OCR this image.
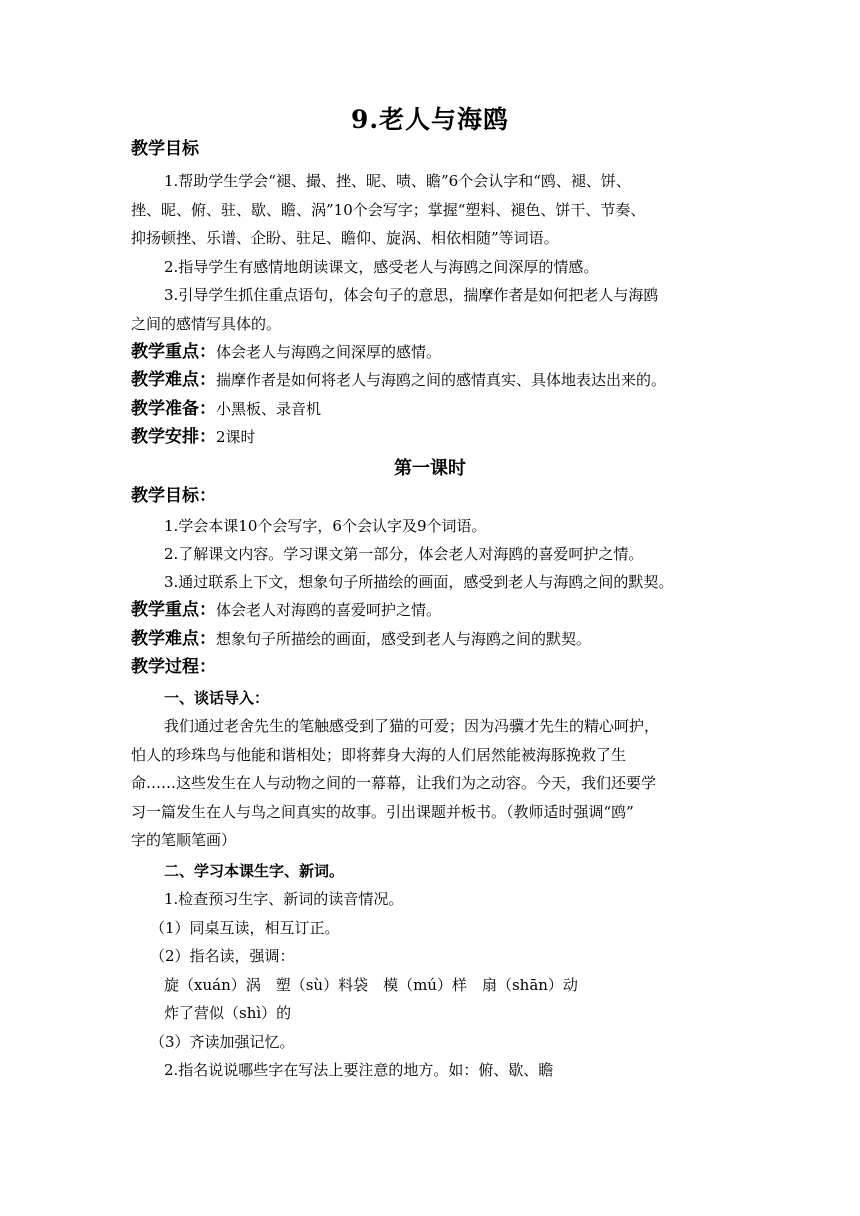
9.老人与海鸥
教学目标
1.帮助学生学会“褪、撮、挫、昵、啧、瞻”6个会认字和“鸥、褪、饼、
挫、昵、俯、驻、歇、瞻、涡”10个会写字；掌握“塑料、褪色、饼干、节奏、
抑扬顿挫、乐谱、企盼、驻足、瞻仰、旋涡、相依相随”等词语。
2.指导学生有感情地朗读课文，感受老人与海鸥之间深厚的情感。
3.引导学生抓住重点语句，体会句子的意思，揣摩作者是如何把老人与海鸥
之间的感情写具体的。
教学重点：体会老人与海鸥之间深厚的感情。
教学难点：揣摩作者是如何将老人与海鸥之间的感情真实、具体地表达出来的。
教学准备：小黑板、录音机
教学安排：2课时
第一课时
教学目标：
1.学会本课10个会写字，6个会认字及9个词语。
2.了解课文内容。学习课文第一部分，体会老人对海鸥的喜爱呵护之情。
3.通过联系上下文，想象句子所描绘的画面，感受到老人与海鸥之间的默契。
教学重点：体会老人对海鸥的喜爱呵护之情。
教学难点：想象句子所描绘的画面，感受到老人与海鸥之间的默契。
教学过程：
一、谈话导入：
我们通过老舍先生的笔触感受到了猫的可爱；因为冯骥才先生的精心呵护，
怕人的珍珠鸟与他能和谐相处；即将葬身大海的人们居然能被海豚挽救了生
命……这些发生在人与动物之间的一幕幕，让我们为之动容。今天，我们还要学
习一篇发生在人与鸟之间真实的故事。引出课题并板书。（教师适时强调“鸥”
字的笔顺笔画）
二、学习本课生字、新词。
1.检查预习生字、新词的读音情况。
（1）同桌互读，相互订正。
（2）指名读，强调：
旋（xuán）涡　塑（sù）料袋　模（mú）样　扇（shān）动
炸了营似（shì）的
（3）齐读加强记忆。
2.指名说说哪些字在写法上要注意的地方。如：俯、歇、瞻
